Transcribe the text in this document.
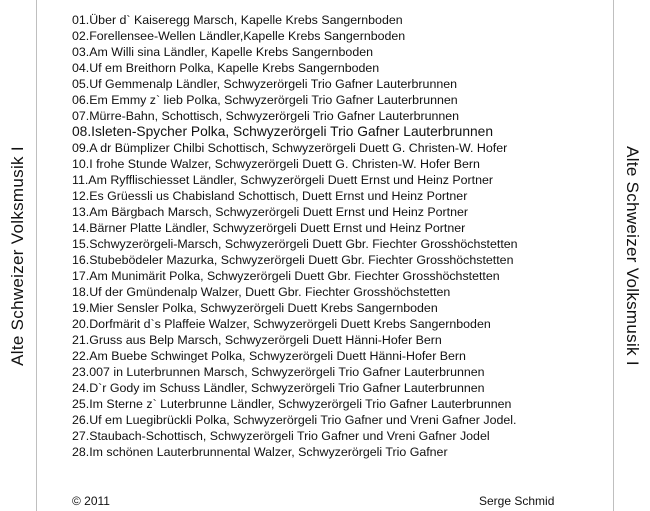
Alte Schweizer Volksmusik I
01.Über d` Kaiseregg Marsch, Kapelle Krebs Sangernboden
02.Forellensee-Wellen Ländler,Kapelle Krebs Sangernboden
03.Am Willi sina Ländler, Kapelle Krebs Sangernboden
04.Uf em Breithorn Polka, Kapelle Krebs Sangernboden
05.Uf Gemmenalp Ländler, Schwyzerörgeli Trio Gafner Lauterbrunnen
06.Em Emmy z` lieb Polka, Schwyzerörgeli Trio Gafner Lauterbrunnen
07.Mürre-Bahn, Schottisch, Schwyzerörgeli Trio Gafner Lauterbrunnen
08.Isleten-Spycher Polka, Schwyzerörgeli Trio Gafner Lauterbrunnen
09.A dr Bümplizer Chilbi Schottisch, Schwyzerörgeli Duett G. Christen-W. Hofer
10.I frohe Stunde Walzer, Schwyzerörgeli Duett G. Christen-W. Hofer Bern
11.Am Ryfflischiesset Ländler, Schwyzerörgeli Duett Ernst und Heinz Portner
12.Es Grüessli us Chabisland Schottisch, Duett Ernst und Heinz Portner
13.Am Bärgbach Marsch, Schwyzerörgeli Duett Ernst und Heinz Portner
14.Bärner Platte Ländler, Schwyzerörgeli Duett Ernst und Heinz Portner
15.Schwyzerörgeli-Marsch, Schwyzerörgeli Duett Gbr. Fiechter Grosshöchstetten
16.Stubebödeler Mazurka, Schwyzerörgeli Duett Gbr. Fiechter Grosshöchstetten
17.Am Munimärit Polka, Schwyzerörgeli Duett Gbr. Fiechter Grosshöchstetten
18.Uf der Gmündenalp Walzer, Duett Gbr. Fiechter Grosshöchstetten
19.Mier Sensler Polka, Schwyzerörgeli Duett Krebs Sangernboden
20.Dorfmärit d`s Plaffeie Walzer, Schwyzerörgeli Duett Krebs Sangernboden
21.Gruss aus Belp Marsch, Schwyzerörgeli Duett Hänni-Hofer Bern
22.Am Buebe Schwinget Polka, Schwyzerörgeli Duett Hänni-Hofer Bern
23.007 in Luterbrunnen Marsch, Schwyzerörgeli Trio Gafner Lauterbrunnen
24.D`r Gody im Schuss Ländler, Schwyzerörgeli Trio Gafner Lauterbrunnen
25.Im Sterne z` Luterbrunne Ländler, Schwyzerörgeli Trio Gafner Lauterbrunnen
26.Uf em Luegibrückli Polka, Schwyzerörgeli Trio Gafner und Vreni Gafner Jodel.
27.Staubach-Schottisch, Schwyzerörgeli Trio Gafner und Vreni Gafner Jodel
28.Im schönen Lauterbrunnental Walzer, Schwyzerörgeli Trio Gafner
© 2011	Serge Schmid
Alte Schweizer Volksmusik I
